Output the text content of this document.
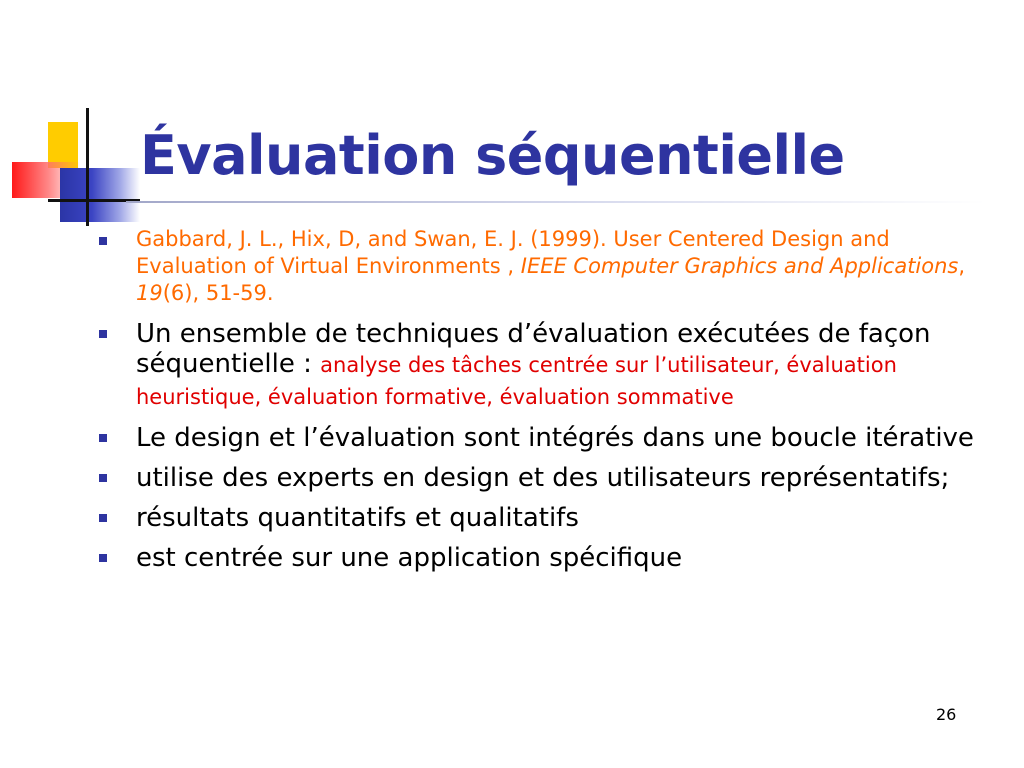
Évaluation séquentielle
Gabbard, J. L., Hix, D, and Swan, E. J. (1999). User Centered Design and Evaluation of Virtual Environments , IEEE Computer Graphics and Applications, 19(6), 51-59.
Un ensemble de techniques d’évaluation exécutées de façon séquentielle : analyse des tâches centrée sur l’utilisateur, évaluation heuristique, évaluation formative, évaluation sommative
Le design et l’évaluation sont intégrés dans une boucle itérative
utilise des experts en design et des utilisateurs représentatifs;
résultats quantitatifs et qualitatifs
est centrée sur une application spécifique
26
